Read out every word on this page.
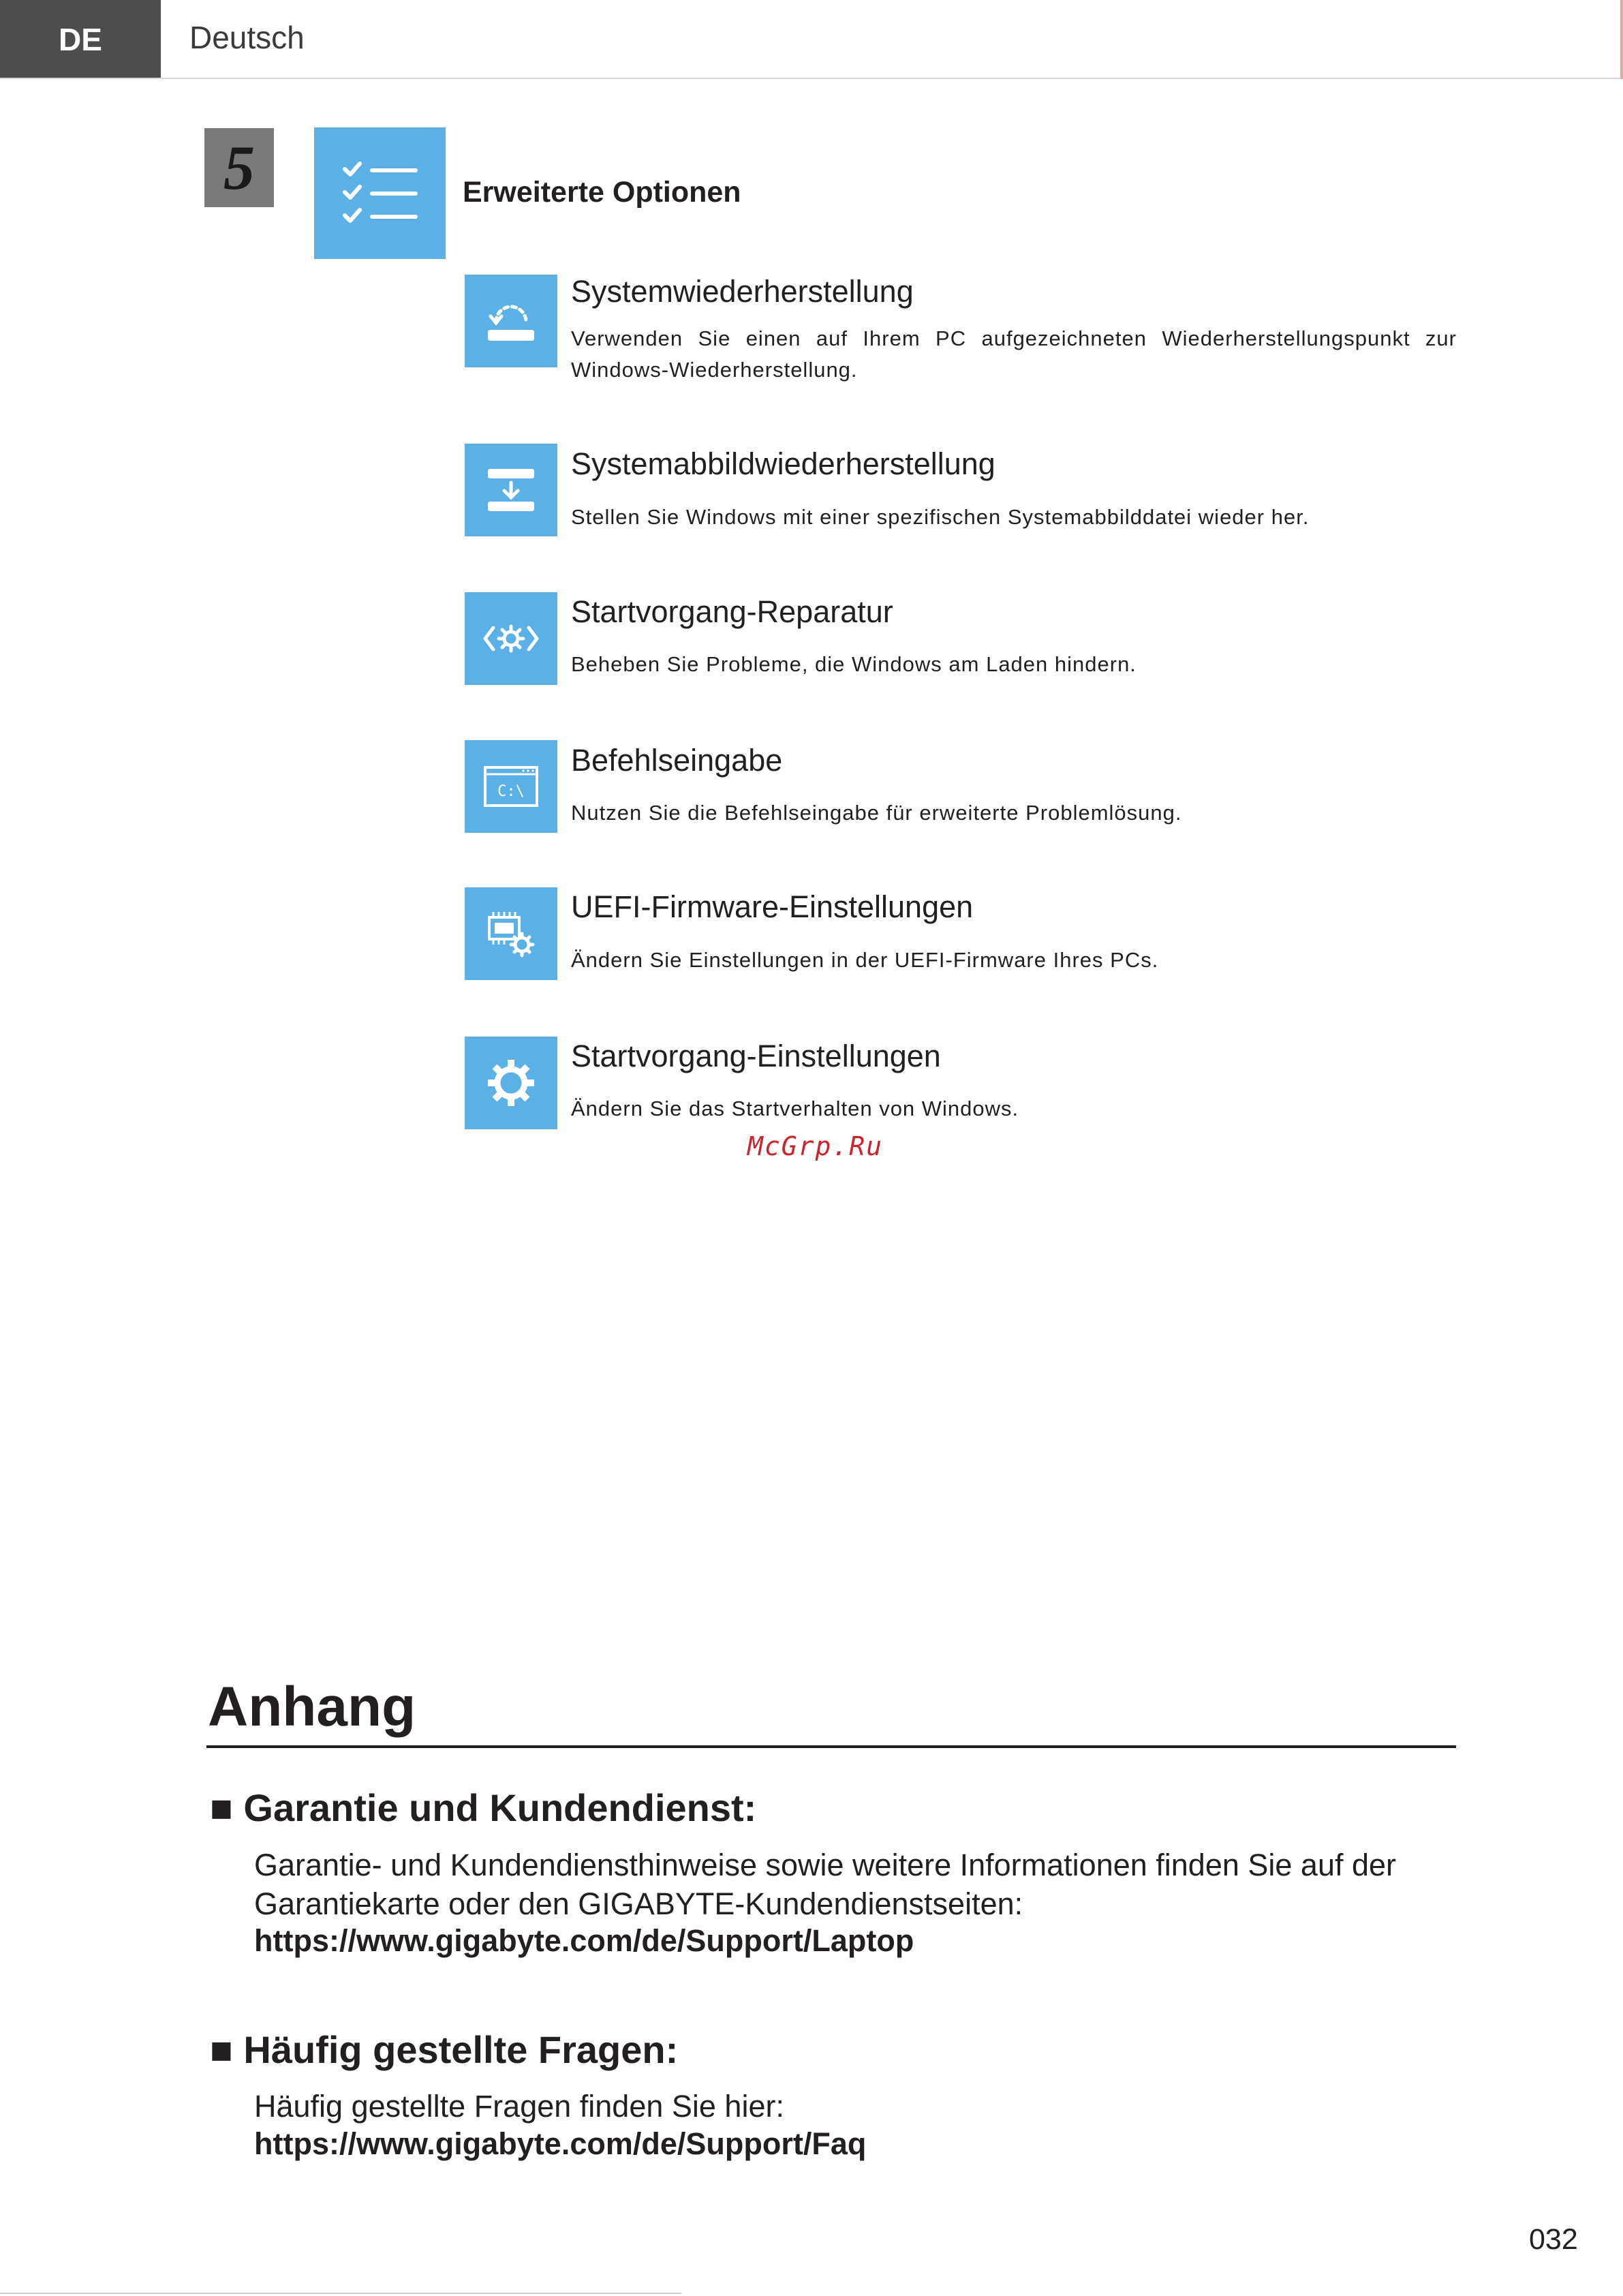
DE	Deutsch
5	Erweiterte Optionen
Systemwiederherstellung
Verwenden Sie einen auf Ihrem PC aufgezeichneten Wiederherstellungspunkt zur Windows-Wiederherstellung.
Systemabbildwiederherstellung
Stellen Sie Windows mit einer spezifischen Systemabbilddatei wieder her.
Startvorgang-Reparatur
Beheben Sie Probleme, die Windows am Laden hindern.
C:\
Befehlseingabe
Nutzen Sie die Befehlseingabe für erweiterte Problemlösung.
UEFI-Firmware-Einstellungen
Ändern Sie Einstellungen in der UEFI-Firmware Ihres PCs.
Startvorgang-Einstellungen
Ändern Sie das Startverhalten von Windows.
McGrp.Ru
Anhang
■ Garantie und Kundendienst:
Garantie- und Kundendiensthinweise sowie weitere Informationen finden Sie auf der Garantiekarte oder den GIGABYTE-Kundendienstseiten:
https://www.gigabyte.com/de/Support/Laptop
■ Häufig gestellte Fragen:
Häufig gestellte Fragen finden Sie hier:
https://www.gigabyte.com/de/Support/Faq
032
